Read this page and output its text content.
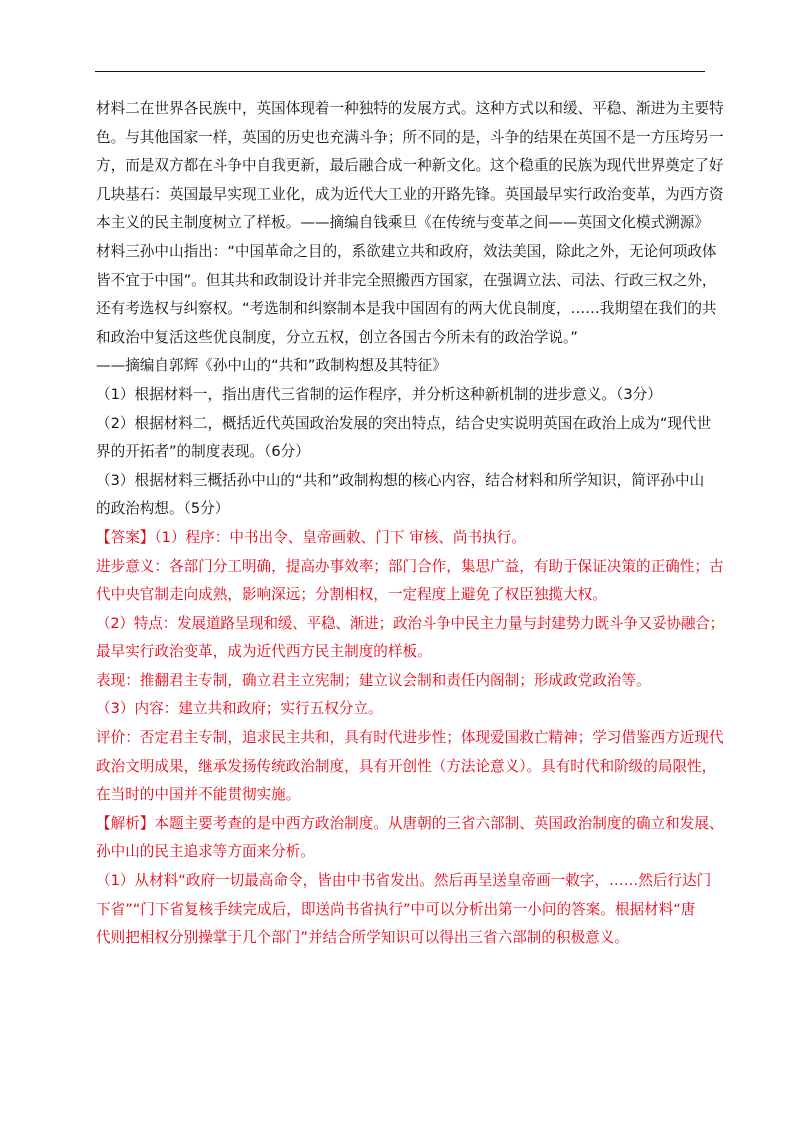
材料二在世界各民族中，英国体现着一种独特的发展方式。这种方式以和缓、平稳、渐进为主要特
色。与其他国家一样，英国的历史也充满斗争；所不同的是，斗争的结果在英国不是一方压垮另一
方，而是双方都在斗争中自我更新，最后融合成一种新文化。这个稳重的民族为现代世界奠定了好
几块基石：英国最早实现工业化，成为近代大工业的开路先锋。英国最早实行政治变革，为西方资
本主义的民主制度树立了样板。——摘编自钱乘旦《在传统与变革之间——英国文化模式溯源》
材料三孙中山指出：“中国革命之目的，系欲建立共和政府，效法美国，除此之外，无论何项政体
皆不宜于中国”。但其共和政制设计并非完全照搬西方国家，在强调立法、司法、行政三权之外，
还有考选权与纠察权。“考选制和纠察制本是我中国固有的两大优良制度，……我期望在我们的共
和政治中复活这些优良制度，分立五权，创立各国古今所未有的政治学说。”
——摘编自郭辉《孙中山的“共和”政制构想及其特征》
（1）根据材料一，指出唐代三省制的运作程序，并分析这种新机制的进步意义。（3分）
（2）根据材料二，概括近代英国政治发展的突出特点，结合史实说明英国在政治上成为“现代世
界的开拓者”的制度表现。（6分）
（3）根据材料三概括孙中山的“共和”政制构想的核心内容，结合材料和所学知识，简评孙中山
的政治构想。（5分）
【答案】（1）程序：中书出令、皇帝画敕、门下 审核、尚书执行。
进步意义：各部门分工明确，提高办事效率；部门合作，集思广益，有助于保证决策的正确性；古
代中央官制走向成熟，影响深远；分割相权，一定程度上避免了权臣独揽大权。
（2）特点：发展道路呈现和缓、平稳、渐进；政治斗争中民主力量与封建势力既斗争又妥协融合；
最早实行政治变革，成为近代西方民主制度的样板。
表现：推翻君主专制，确立君主立宪制；建立议会制和责任内阁制；形成政党政治等。
（3）内容：建立共和政府；实行五权分立。
评价：否定君主专制，追求民主共和，具有时代进步性；体现爱国救亡精神；学习借鉴西方近现代
政治文明成果，继承发扬传统政治制度，具有开创性（方法论意义）。具有时代和阶级的局限性，
在当时的中国并不能贯彻实施。
【解析】本题主要考查的是中西方政治制度。从唐朝的三省六部制、英国政治制度的确立和发展、
孙中山的民主追求等方面来分析。
（1）从材料“政府一切最高命令，皆由中书省发出。然后再呈送皇帝画一敕字，……然后行达门
下省”“门下省复核手续完成后，即送尚书省执行”中可以分析出第一小问的答案。根据材料“唐
代则把相权分别操掌于几个部门”并结合所学知识可以得出三省六部制的积极意义。
